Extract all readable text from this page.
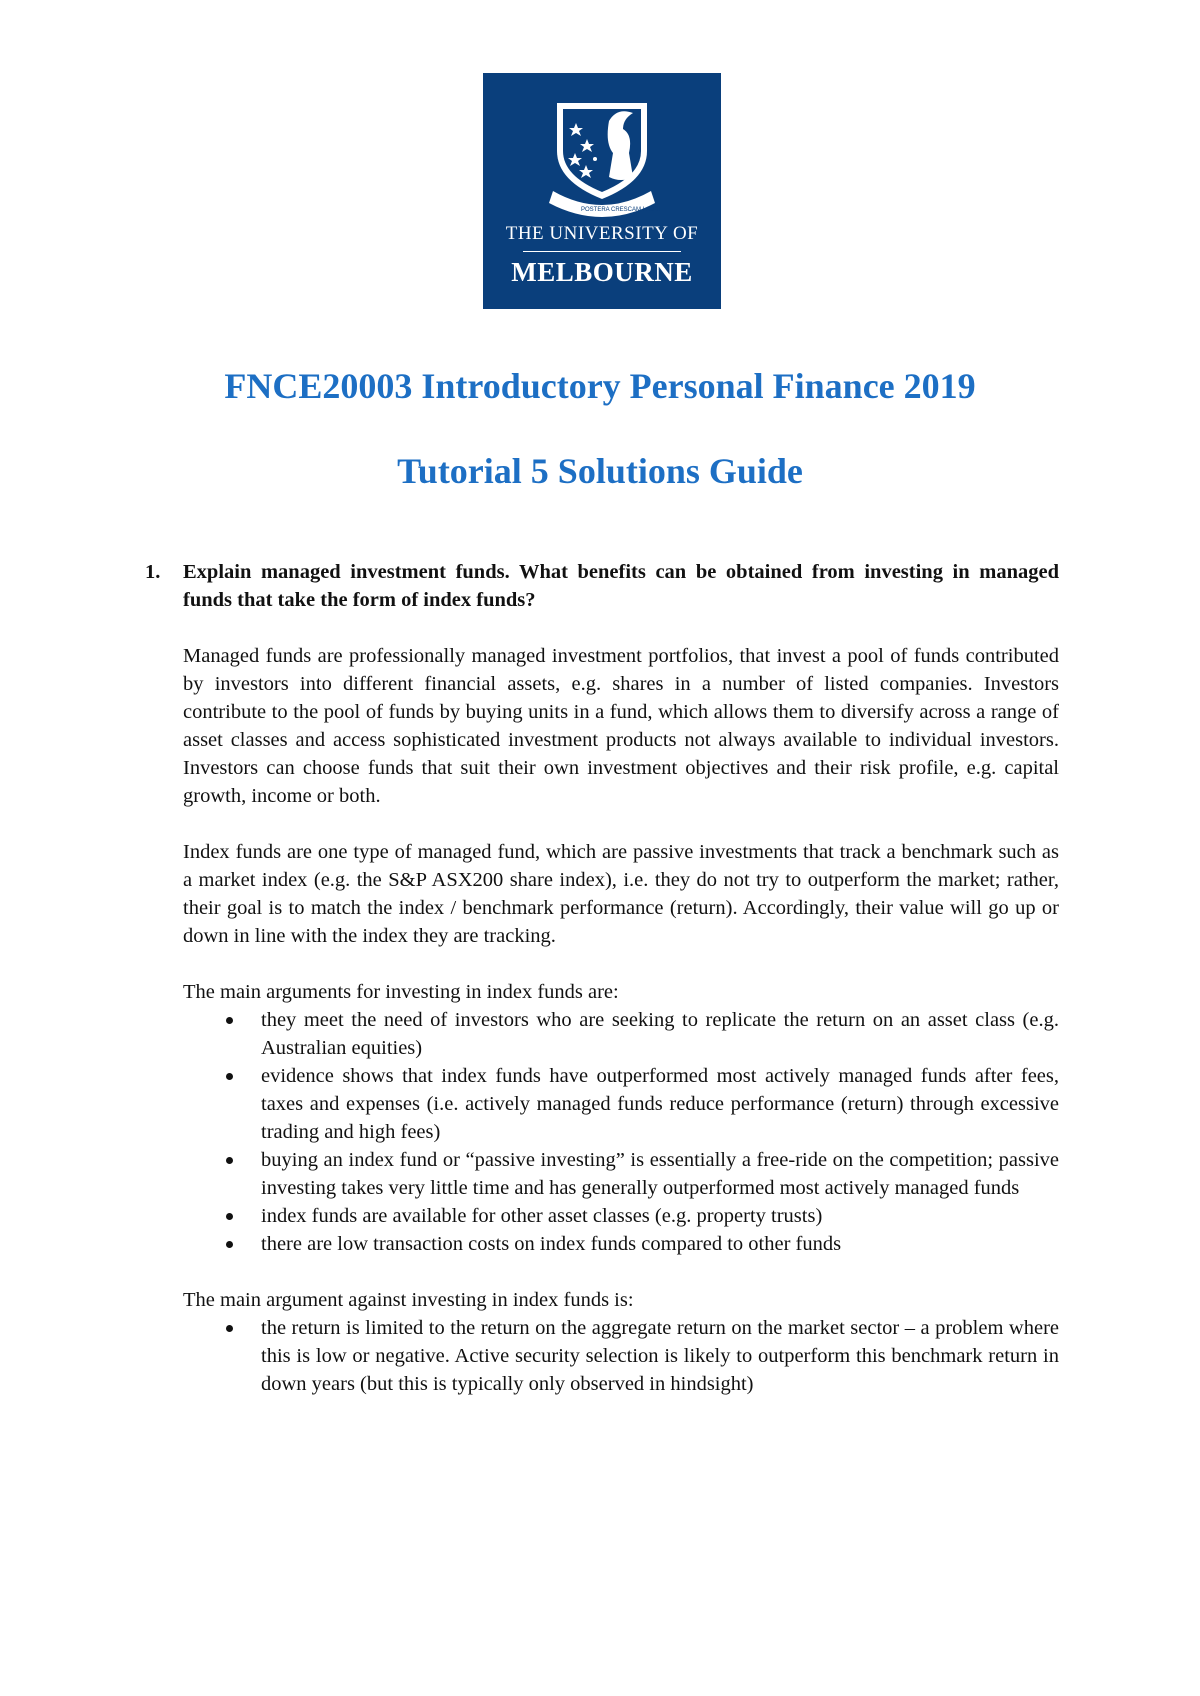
POSTERA CRESCAM LAUDE
THE UNIVERSITY OF
MELBOURNE
FNCE20003 Introductory Personal Finance 2019
Tutorial 5 Solutions Guide

1. Explain managed investment funds. What benefits can be obtained from investing in managed funds that take the form of index funds?

Managed funds are professionally managed investment portfolios, that invest a pool of funds contributed by investors into different financial assets, e.g. shares in a number of listed companies. Investors contribute to the pool of funds by buying units in a fund, which allows them to diversify across a range of asset classes and access sophisticated investment products not always available to individual investors. Investors can choose funds that suit their own investment objectives and their risk profile, e.g. capital growth, income or both.

Index funds are one type of managed fund, which are passive investments that track a benchmark such as a market index (e.g. the S&P ASX200 share index), i.e. they do not try to outperform the market; rather, their goal is to match the index / benchmark performance (return). Accordingly, their value will go up or down in line with the index they are tracking.

The main arguments for investing in index funds are:

they meet the need of investors who are seeking to replicate the return on an asset class (e.g. Australian equities)
evidence shows that index funds have outperformed most actively managed funds after fees, taxes and expenses (i.e. actively managed funds reduce performance (return) through excessive trading and high fees)
buying an index fund or “passive investing” is essentially a free-ride on the competition; passive investing takes very little time and has generally outperformed most actively managed funds
index funds are available for other asset classes (e.g. property trusts)
there are low transaction costs on index funds compared to other funds

The main argument against investing in index funds is:

the return is limited to the return on the aggregate return on the market sector – a problem where this is low or negative. Active security selection is likely to outperform this benchmark return in down years (but this is typically only observed in hindsight)
